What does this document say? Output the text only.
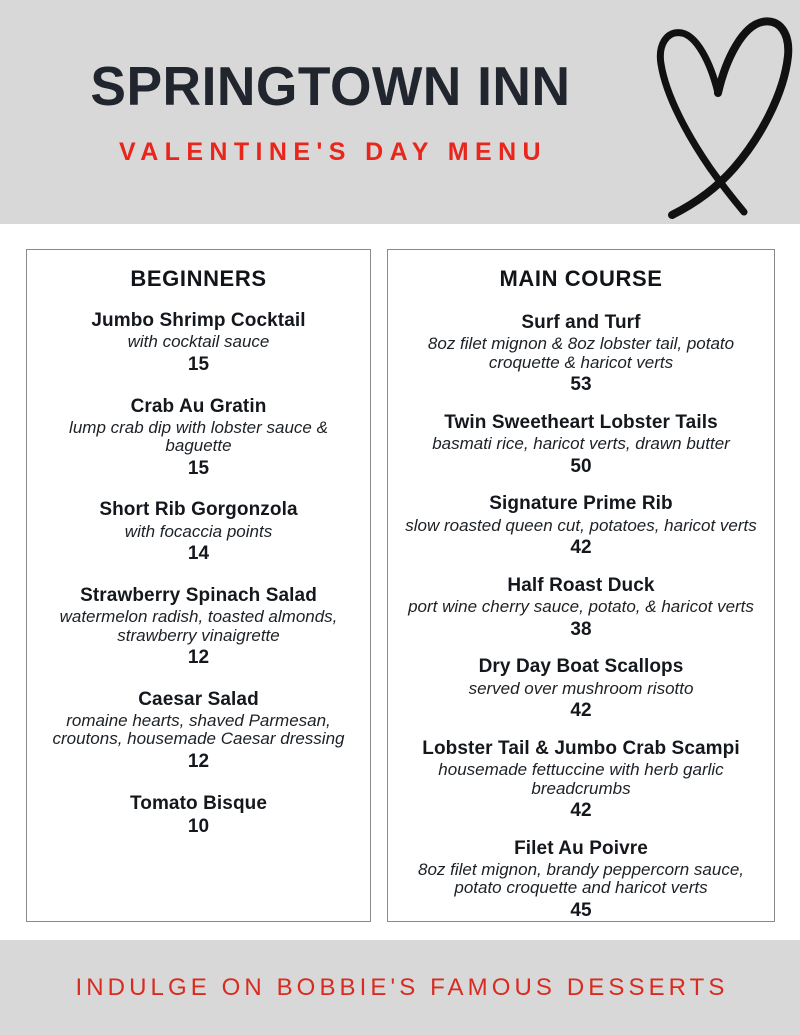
SPRINGTOWN INN
VALENTINE'S DAY MENU
BEGINNERS
Jumbo Shrimp Cocktail
with cocktail sauce
15
Crab Au Gratin
lump crab dip with lobster sauce & baguette
15
Short Rib Gorgonzola
with focaccia points
14
Strawberry Spinach Salad
watermelon radish, toasted almonds, strawberry vinaigrette
12
Caesar Salad
romaine hearts, shaved Parmesan, croutons, housemade Caesar dressing
12
Tomato Bisque
10
MAIN COURSE
Surf and Turf
8oz filet mignon & 8oz lobster tail, potato croquette & haricot verts
53
Twin Sweetheart Lobster Tails
basmati rice, haricot verts, drawn butter
50
Signature Prime Rib
slow roasted queen cut, potatoes, haricot verts
42
Half Roast Duck
port wine cherry sauce, potato, & haricot verts
38
Dry Day Boat Scallops
served over mushroom risotto
42
Lobster Tail & Jumbo Crab Scampi
housemade fettuccine with herb garlic breadcrumbs
42
Filet Au Poivre
8oz filet mignon, brandy peppercorn sauce, potato croquette and haricot verts
45
INDULGE ON BOBBIE'S FAMOUS DESSERTS
